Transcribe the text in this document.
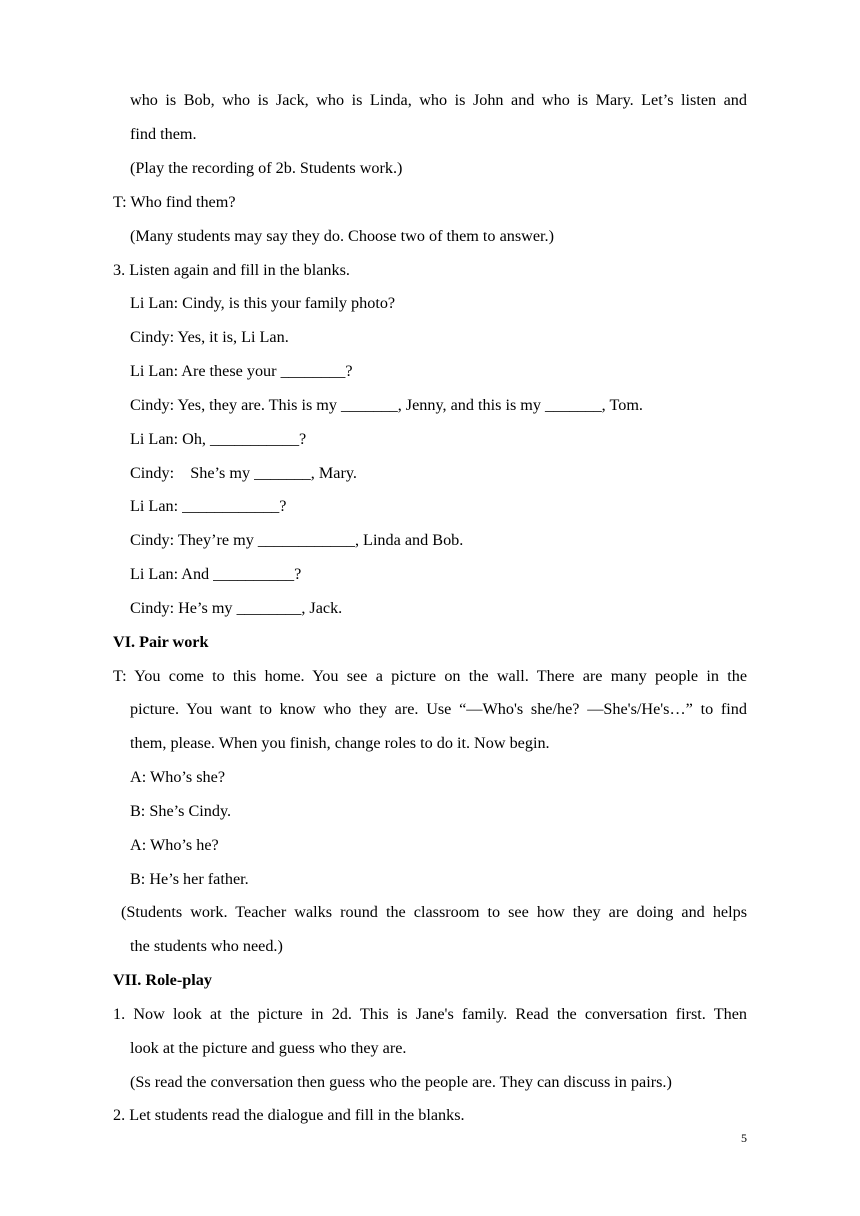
who is Bob, who is Jack, who is Linda, who is John and who is Mary. Let’s listen and
find them.
(Play the recording of 2b. Students work.)
T: Who find them?
(Many students may say they do. Choose two of them to answer.)
3. Listen again and fill in the blanks.
Li Lan: Cindy, is this your family photo?
Cindy: Yes, it is, Li Lan.
Li Lan: Are these your ________?
Cindy: Yes, they are. This is my _______, Jenny, and this is my _______, Tom.
Li Lan: Oh, ___________?
Cindy:    She’s my _______, Mary.
Li Lan: ____________?
Cindy: They’re my ____________, Linda and Bob.
Li Lan: And __________?
Cindy: He’s my ________, Jack.
VI. Pair work
T: You come to this home. You see a picture on the wall. There are many people in the
picture. You want to know who they are. Use “—Who's she/he? —She's/He's…” to find
them, please. When you finish, change roles to do it. Now begin.
A: Who’s she?
B: She’s Cindy.
A: Who’s he?
B: He’s her father.
(Students work. Teacher walks round the classroom to see how they are doing and helps
the students who need.)
VII. Role-play
1. Now look at the picture in 2d. This is Jane's family. Read the conversation first. Then
look at the picture and guess who they are.
(Ss read the conversation then guess who the people are. They can discuss in pairs.)
2. Let students read the dialogue and fill in the blanks.
5
